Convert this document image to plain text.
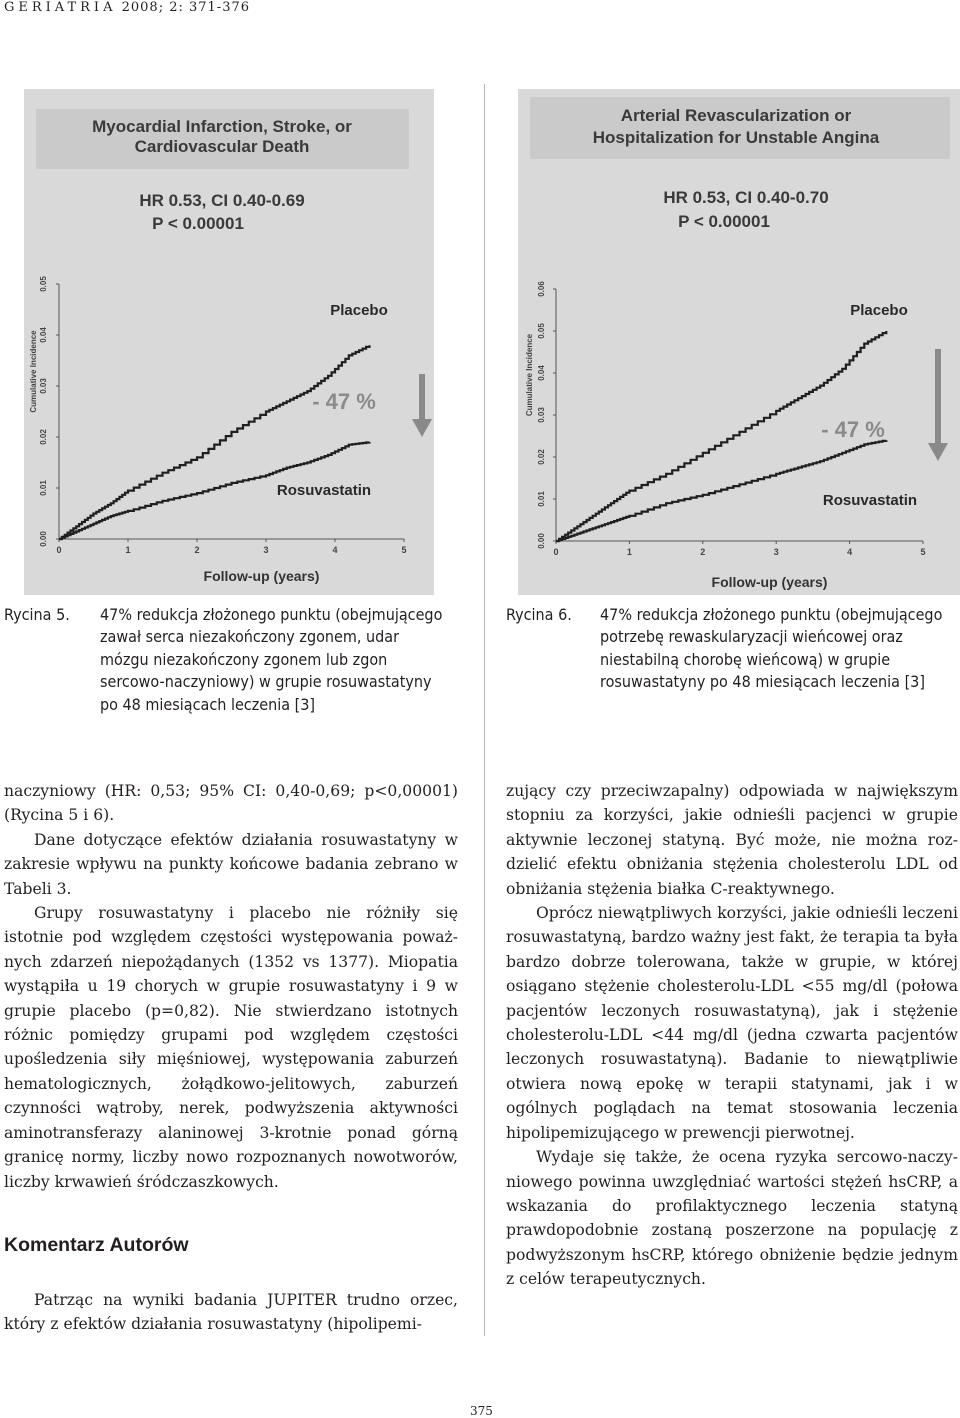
GERIATRIA 2008; 2: 371-376
Myocardial Infarction, Stroke, or
Cardiovascular Death
HR 0.53, CI 0.40-0.69
P < 0.00001
0.00
0.01
0.02
0.03
0.04
0.05
0	1	2	3	4	5
Cumulative Incidence
Follow-up (years)
Placebo
Rosuvastatin
- 47 %
Arterial Revascularization or
Hospitalization for Unstable Angina
HR 0.53, CI 0.40-0.70
P < 0.00001
0.00
0.01
0.02
0.03
0.04
0.05
0.06
0	1	2	3	4	5
Cumulative Incidence
Follow-up (years)
Placebo
Rosuvastatin
- 47 %
Rycina 5. 47% redukcja złożonego punktu (obejmującego zawał serca niezakończony zgonem, udar mózgu niezakończony zgonem lub zgon sercowo-naczyniowy) w grupie rosuwastatyny po 48 miesiącach leczenia [3]
Rycina 6. 47% redukcja złożonego punktu (obejmującego potrzebę rewaskularyzacji wieńcowej oraz niestabilną chorobę wieńcową) w grupie rosuwastatyny po 48 miesiącach leczenia [3]

naczyniowy (HR: 0,53; 95% CI: 0,40-0,69; p<0,00001) (Rycina 5 i 6).

Dane dotyczące efektów działania rosuwastatyny w zakresie wpływu na punkty końcowe badania zebrano w Tabeli 3.

Grupy rosuwastatyny i placebo nie różniły się istotnie pod względem częstości występowania poważnych zdarzeń niepożądanych (1352 vs 1377). Miopatia wystąpiła u 19 chorych w grupie rosuwastatyny i 9 w grupie placebo (p=0,82). Nie stwierdzano istotnych różnic pomiędzy grupami pod względem częstości upośledzenia siły mięśniowej, występowania zaburzeń hematologicznych, żołądkowo-jelitowych, zaburzeń czynności wątroby, nerek, podwyższenia aktywności aminotransferazy alaninowej 3-krotnie ponad górną granicę normy, liczby nowo rozpoznanych nowotworów, liczby krwawień śródczaszkowych.

Komentarz Autorów

Patrząc na wyniki badania JUPITER trudno orzec, który z efektów działania rosuwastatyny (hipolipemi-

zujący czy przeciwzapalny) odpowiada w największym stopniu za korzyści, jakie odnieśli pacjenci w grupie aktywnie leczonej statyną. Być może, nie można rozdzielić efektu obniżania stężenia cholesterolu LDL od obniżania stężenia białka C-reaktywnego.

Oprócz niewątpliwych korzyści, jakie odnieśli leczeni rosuwastatyną, bardzo ważny jest fakt, że terapia ta była bardzo dobrze tolerowana, także w grupie, w której osiągano stężenie cholesterolu-LDL <55 mg/dl (połowa pacjentów leczonych rosuwastatyną), jak i stężenie cholesterolu-LDL <44 mg/dl (jedna czwarta pacjentów leczonych rosuwastatyną). Badanie to niewątpliwie otwiera nową epokę w terapii statynami, jak i w ogólnych poglądach na temat stosowania leczenia hipolipemizującego w prewencji pierwotnej.

Wydaje się także, że ocena ryzyka sercowo-naczyniowego powinna uwzględniać wartości stężeń hsCRP, a wskazania do profilaktycznego leczenia statyną prawdopodobnie zostaną poszerzone na populację z podwyższonym hsCRP, którego obniżenie będzie jednym z celów terapeutycznych.

375
